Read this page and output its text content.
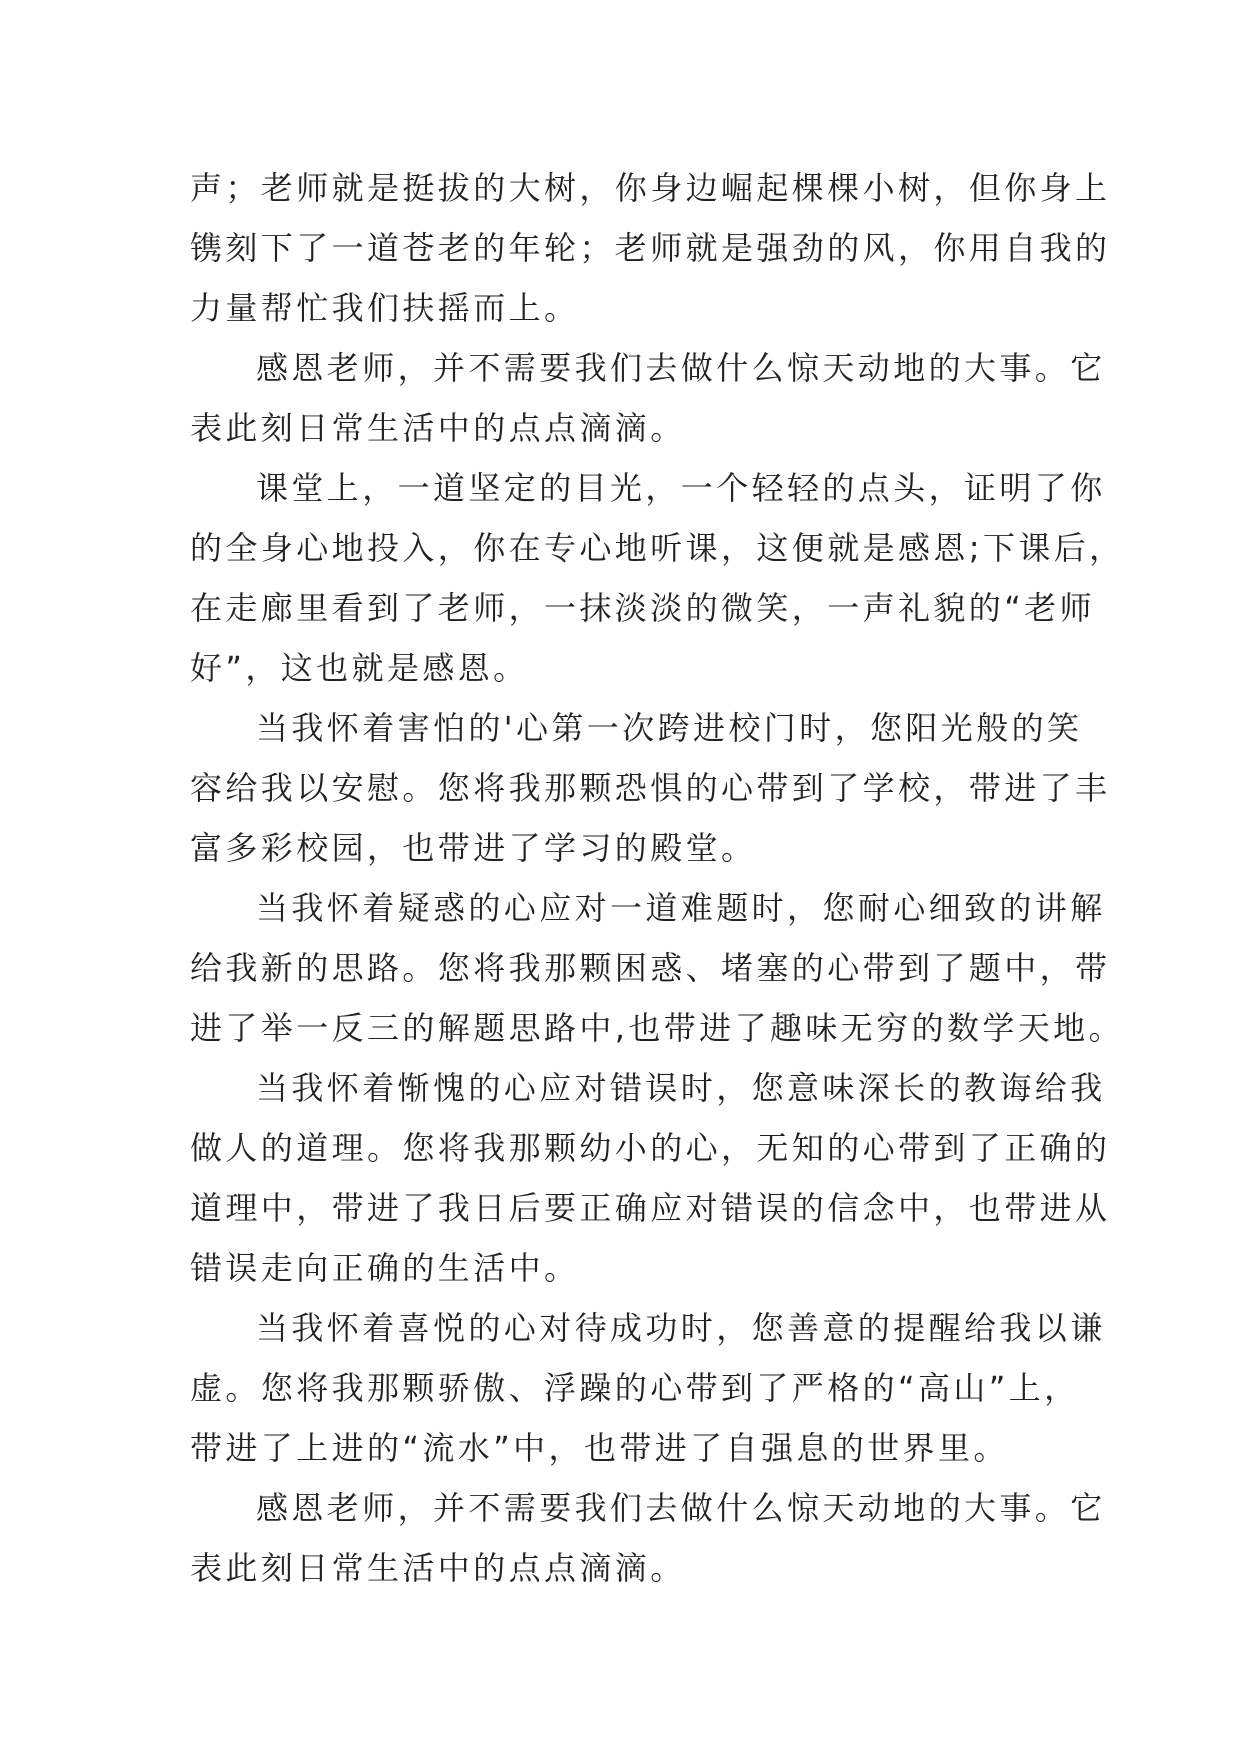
声；老师就是挺拔的大树，你身边崛起棵棵小树，但你身上
镌刻下了一道苍老的年轮；老师就是强劲的风，你用自我的
力量帮忙我们扶摇而上。
感恩老师，并不需要我们去做什么惊天动地的大事。它
表此刻日常生活中的点点滴滴。
课堂上，一道坚定的目光，一个轻轻的点头，证明了你
的全身心地投入，你在专心地听课，这便就是感恩;下课后，
在走廊里看到了老师，一抹淡淡的微笑，一声礼貌的“老师
好”，这也就是感恩。
当我怀着害怕的'心第一次跨进校门时，您阳光般的笑
容给我以安慰。您将我那颗恐惧的心带到了学校，带进了丰
富多彩校园，也带进了学习的殿堂。
当我怀着疑惑的心应对一道难题时，您耐心细致的讲解
给我新的思路。您将我那颗困惑、堵塞的心带到了题中，带
进了举一反三的解题思路中,也带进了趣味无穷的数学天地。
当我怀着惭愧的心应对错误时，您意味深长的教诲给我
做人的道理。您将我那颗幼小的心，无知的心带到了正确的
道理中，带进了我日后要正确应对错误的信念中，也带进从
错误走向正确的生活中。
当我怀着喜悦的心对待成功时，您善意的提醒给我以谦
虚。您将我那颗骄傲、浮躁的心带到了严格的“高山”上，
带进了上进的“流水”中，也带进了自强息的世界里。
感恩老师，并不需要我们去做什么惊天动地的大事。它
表此刻日常生活中的点点滴滴。
